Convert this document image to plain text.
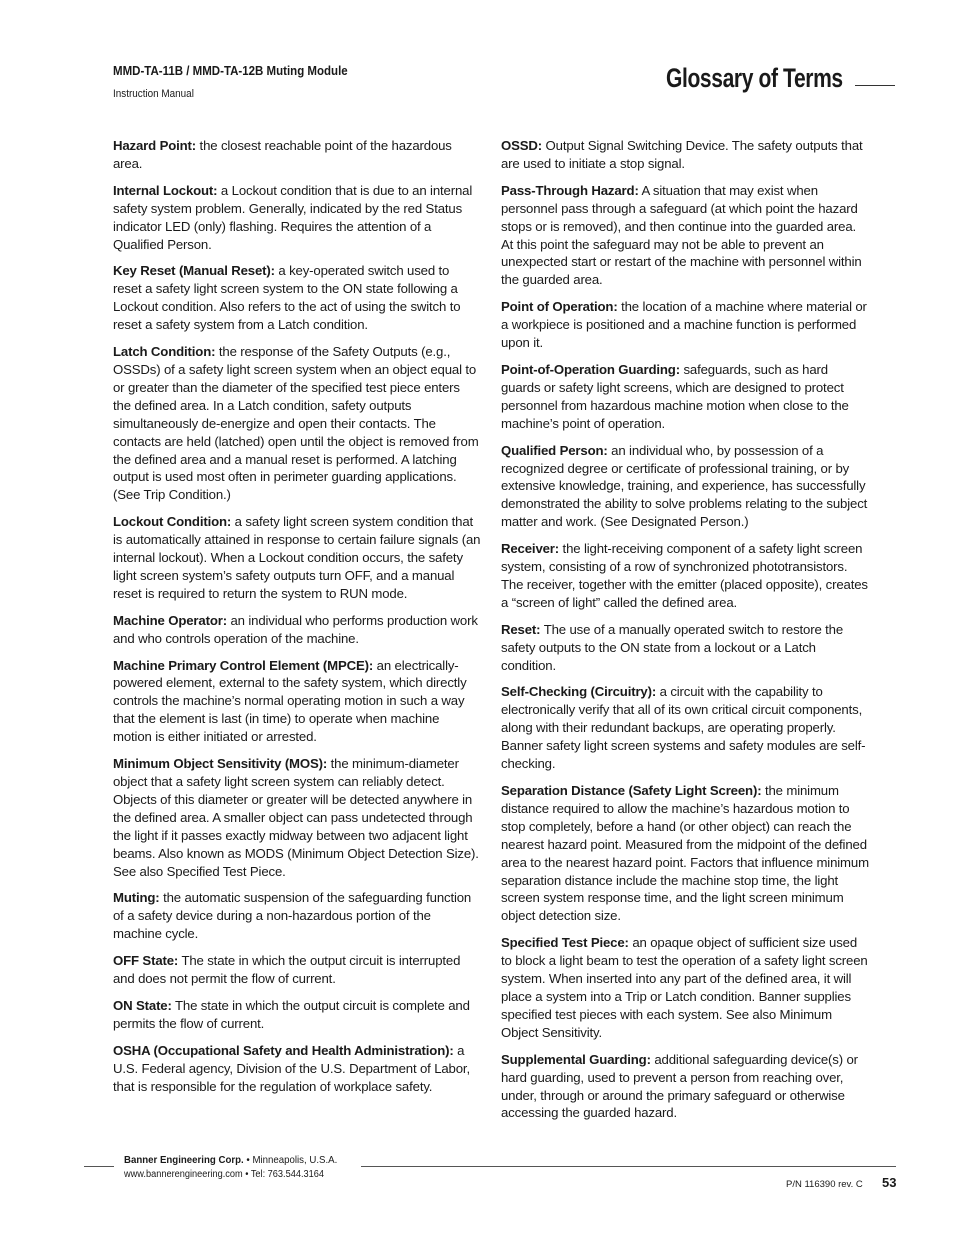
MMD-TA-11B / MMD-TA-12B Muting Module
Instruction Manual
Glossary of Terms

Hazard Point: the closest reachable point of the hazardous area.

Internal Lockout: a Lockout condition that is due to an internal safety system problem. Generally, indicated by the red Status indicator LED (only) flashing. Requires the attention of a Qualified Person.

Key Reset (Manual Reset): a key-operated switch used to reset a safety light screen system to the ON state following a Lockout condition. Also refers to the act of using the switch to reset a safety system from a Latch condition.

Latch Condition: the response of the Safety Outputs (e.g., OSSDs) of a safety light screen system when an object equal to or greater than the diameter of the specified test piece enters the defined area. In a Latch condition, safety outputs simultaneously de-energize and open their contacts. The contacts are held (latched) open until the object is removed from the defined area and a manual reset is performed. A latching output is used most often in perimeter guarding applications. (See Trip Condition.)

Lockout Condition: a safety light screen system condition that is automatically attained in response to certain failure signals (an internal lockout). When a Lockout condition occurs, the safety light screen system’s safety outputs turn OFF, and a manual reset is required to return the system to RUN mode.

Machine Operator: an individual who performs production work and who controls operation of the machine.

Machine Primary Control Element (MPCE): an electrically-powered element, external to the safety system, which directly controls the machine’s normal operating motion in such a way that the element is last (in time) to operate when machine motion is either initiated or arrested.

Minimum Object Sensitivity (MOS): the minimum-diameter object that a safety light screen system can reliably detect. Objects of this diameter or greater will be detected anywhere in the defined area. A smaller object can pass undetected through the light if it passes exactly midway between two adjacent light beams. Also known as MODS (Minimum Object Detection Size). See also Specified Test Piece.

Muting: the automatic suspension of the safeguarding function of a safety device during a non-hazardous portion of the machine cycle.

OFF State: The state in which the output circuit is interrupted and does not permit the flow of current.

ON State: The state in which the output circuit is complete and permits the flow of current.

OSHA (Occupational Safety and Health Administration): a U.S. Federal agency, Division of the U.S. Department of Labor, that is responsible for the regulation of workplace safety.

OSSD: Output Signal Switching Device. The safety outputs that are used to initiate a stop signal.

Pass-Through Hazard: A situation that may exist when personnel pass through a safeguard (at which point the hazard stops or is removed), and then continue into the guarded area. At this point the safeguard may not be able to prevent an unexpected start or restart of the machine with personnel within the guarded area.

Point of Operation: the location of a machine where material or a workpiece is positioned and a machine function is performed upon it.

Point-of-Operation Guarding: safeguards, such as hard guards or safety light screens, which are designed to protect personnel from hazardous machine motion when close to the machine’s point of operation.

Qualified Person: an individual who, by possession of a recognized degree or certificate of professional training, or by extensive knowledge, training, and experience, has successfully demonstrated the ability to solve problems relating to the subject matter and work. (See Designated Person.)

Receiver: the light-receiving component of a safety light screen system, consisting of a row of synchronized phototransistors. The receiver, together with the emitter (placed opposite), creates a “screen of light” called the defined area.

Reset: The use of a manually operated switch to restore the safety outputs to the ON state from a lockout or a Latch condition.

Self-Checking (Circuitry): a circuit with the capability to electronically verify that all of its own critical circuit components, along with their redundant backups, are operating properly. Banner safety light screen systems and safety modules are self-checking.

Separation Distance (Safety Light Screen): the minimum distance required to allow the machine’s hazardous motion to stop completely, before a hand (or other object) can reach the nearest hazard point. Measured from the midpoint of the defined area to the nearest hazard point. Factors that influence minimum separation distance include the machine stop time, the light screen system response time, and the light screen minimum object detection size.

Specified Test Piece: an opaque object of sufficient size used to block a light beam to test the operation of a safety light screen system. When inserted into any part of the defined area, it will place a system into a Trip or Latch condition. Banner supplies specified test pieces with each system. See also Minimum Object Sensitivity.

Supplemental Guarding: additional safeguarding device(s) or hard guarding, used to prevent a person from reaching over, under, through or around the primary safeguard or otherwise accessing the guarded hazard.

Banner Engineering Corp. • Minneapolis, U.S.A.
www.bannerengineering.com • Tel: 763.544.3164
P/N 116390 rev. C 53
